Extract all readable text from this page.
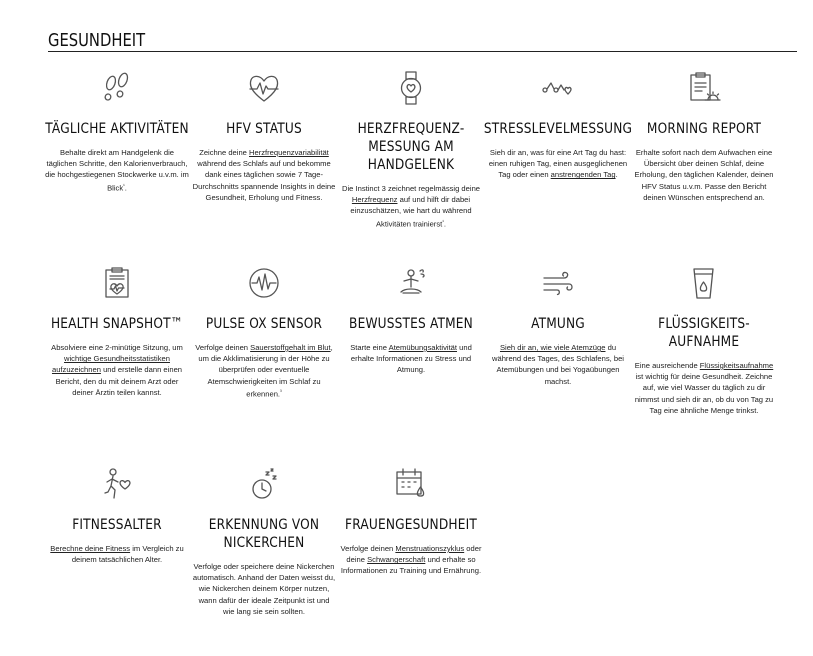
GESUNDHEIT
TÄGLICHE AKTIVITÄTEN
Behalte direkt am Handgelenk die täglichen Schritte, den Kalorienverbrauch, die hochgestiegenen Stockwerke u.v.m. im Blick$^{^1}$.
HFV STATUS
Zeichne deine Herzfrequenzvariabilität während des Schlafs auf und bekomme dank eines täglichen sowie 7 Tage-Durchschnitts spannende Insights in deine Gesundheit, Erholung und Fitness.
HERZFREQUENZ-
MESSUNG AM
HANDGELENK
Die Instinct 3 zeichnet regelmässig deine Herzfrequenz auf und hilft dir dabei einzuschätzen, wie hart du während Aktivitäten trainierst$^{^1}$.
STRESSLEVELMESSUNG
Sieh dir an, was für eine Art Tag du hast: einen ruhigen Tag, einen ausgeglichenen Tag oder einen anstrengenden Tag.
MORNING REPORT
Erhalte sofort nach dem Aufwachen eine Übersicht über deinen Schlaf, deine Erholung, den täglichen Kalender, deinen HFV Status u.v.m. Passe den Bericht deinen Wünschen entsprechend an.
HEALTH SNAPSHOT™
Absolviere eine 2-minütige Sitzung, um wichtige Gesundheitsstatistiken aufzuzeichnen und erstelle dann einen Bericht, den du mit deinem Arzt oder deiner Ärztin teilen kannst.
PULSE OX SENSOR
Verfolge deinen Sauerstoffgehalt im Blut, um die Akklimatisierung in der Höhe zu überprüfen oder eventuelle Atemschwierigkeiten im Schlaf zu erkennen.$^{^3}$
BEWUSSTES ATMEN
Starte eine Atemübungsaktivität und erhalte Informationen zu Stress und Atmung.
ATMUNG
Sieh dir an, wie viele Atemzüge du während des Tages, des Schlafens, bei Atemübungen und bei Yogaübungen machst.
FLÜSSIGKEITS-
AUFNAHME
Eine ausreichende Flüssigkeitsaufnahme ist wichtig für deine Gesundheit. Zeichne auf, wie viel Wasser du täglich zu dir nimmst und sieh dir an, ob du von Tag zu Tag eine ähnliche Menge trinkst.
FITNESSALTER
Berechne deine Fitness im Vergleich zu deinem tatsächlichen Alter.
ERKENNUNG VON
NICKERCHEN
Verfolge oder speichere deine Nickerchen automatisch. Anhand der Daten weisst du, wie Nickerchen deinem Körper nutzen, wann dafür der ideale Zeitpunkt ist und wie lang sie sein sollten.
FRAUENGESUNDHEIT
Verfolge deinen Menstruationszyklus oder deine Schwangerschaft und erhalte so Informationen zu Training und Ernährung.
